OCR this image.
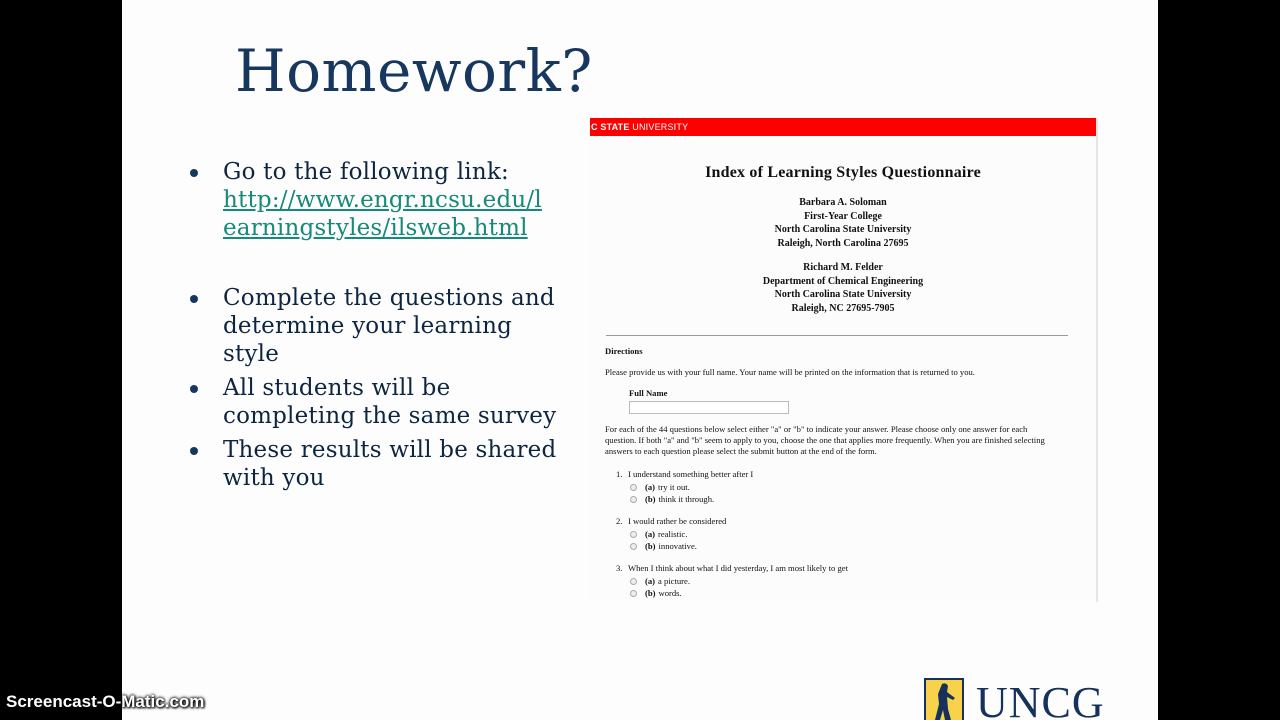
Homework?
Go to the following link:
http://www.engr.ncsu.edu/learningstyles/ilsweb.html
Complete the questions and determine your learning style
All students will be completing the same survey
These results will be shared with you
C STATE UNIVERSITY
Index of Learning Styles Questionnaire
Barbara A. Soloman
First-Year College
North Carolina State University
Raleigh, North Carolina 27695
Richard M. Felder
Department of Chemical Engineering
North Carolina State University
Raleigh, NC 27695-7905
Directions
Please provide us with your full name. Your name will be printed on the information that is returned to you.
Full Name
For each of the 44 questions below select either "a" or "b" to indicate your answer. Please choose only one answer for each question. If both "a" and "b" seem to apply to you, choose the one that applies more frequently. When you are finished selecting answers to each question please select the submit button at the end of the form.
1. I understand something better after I
(a) try it out.
(b) think it through.
2. I would rather be considered
(a) realistic.
(b) innovative.
3. When I think about what I did yesterday, I am most likely to get
(a) a picture.
(b) words.
UNCG
Screencast-O-Matic.com
